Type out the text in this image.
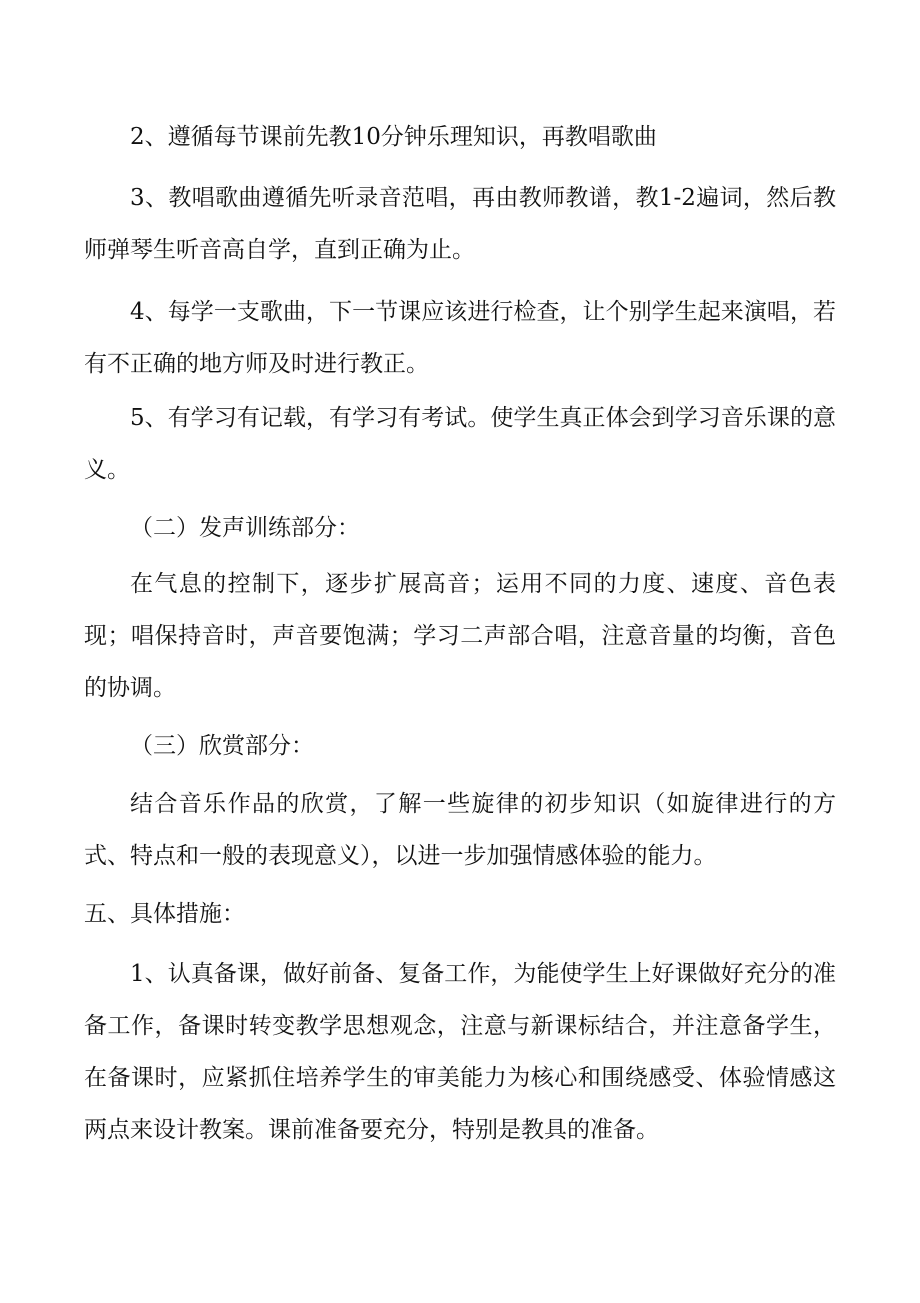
2、遵循每节课前先教10分钟乐理知识，再教唱歌曲

3、教唱歌曲遵循先听录音范唱，再由教师教谱，教1-2遍词，然后教师弹琴生听音高自学，直到正确为止。

4、每学一支歌曲，下一节课应该进行检查，让个别学生起来演唱，若有不正确的地方师及时进行教正。

5、有学习有记载，有学习有考试。使学生真正体会到学习音乐课的意义。

（二）发声训练部分：

在气息的控制下，逐步扩展高音；运用不同的力度、速度、音色表现；唱保持音时，声音要饱满；学习二声部合唱，注意音量的均衡，音色的协调。

（三）欣赏部分：

结合音乐作品的欣赏，了解一些旋律的初步知识（如旋律进行的方式、特点和一般的表现意义），以进一步加强情感体验的能力。

五、具体措施：

1、认真备课，做好前备、复备工作，为能使学生上好课做好充分的准备工作，备课时转变教学思想观念，注意与新课标结合，并注意备学生，在备课时，应紧抓住培养学生的审美能力为核心和围绕感受、体验情感这两点来设计教案。课前准备要充分，特别是教具的准备。
